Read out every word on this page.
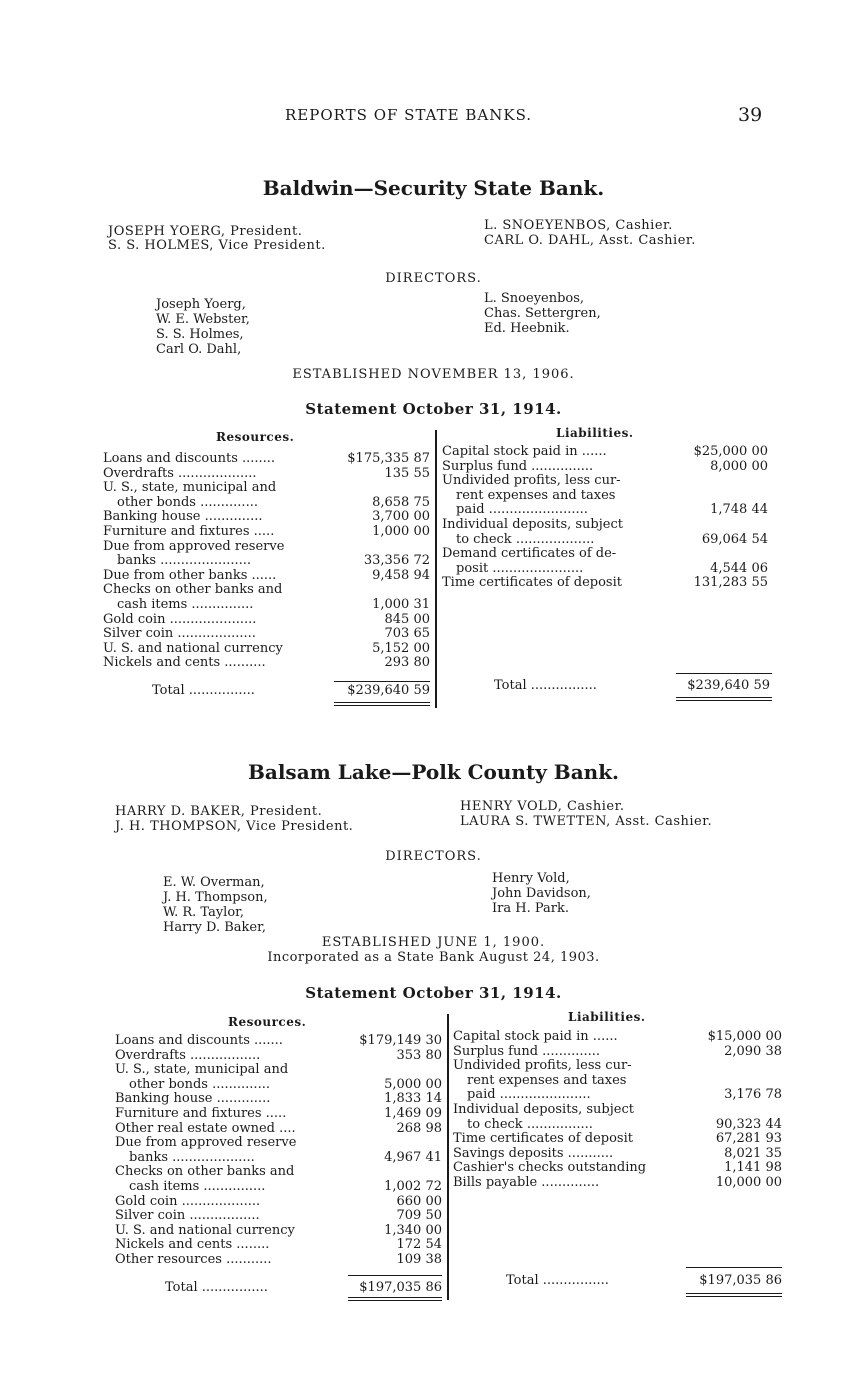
REPORTS OF STATE BANKS.	39
Baldwin—Security State Bank.
JOSEPH YOERG, President.
S. S. HOLMES, Vice President.
L. SNOEYENBOS, Cashier.
CARL O. DAHL, Asst. Cashier.
DIRECTORS.
Joseph Yoerg,
W. E. Webster,
S. S. Holmes,
Carl O. Dahl,
L. Snoeyenbos,
Chas. Settergren,
Ed. Heebnik.
ESTABLISHED NOVEMBER 13, 1906.
Statement October 31, 1914.
Resources.
Loans and discounts ........	$175,335 87
Overdrafts ...................	135 55
U. S., state, municipal and
other bonds ..............	8,658 75
Banking house ..............	3,700 00
Furniture and fixtures .....	1,000 00
Due from approved reserve
banks ......................	33,356 72
Due from other banks ......	9,458 94
Checks on other banks and
cash items ...............	1,000 31
Gold coin .....................	845 00
Silver coin ...................	703 65
U. S. and national currency	5,152 00
Nickels and cents ..........	293 80
Total ................	$239,640 59
Liabilities.
Capital stock paid in ......	$25,000 00
Surplus fund ...............	8,000 00
Undivided profits, less cur-
rent expenses and taxes
paid ........................	1,748 44
Individual deposits, subject
to check ...................	69,064 54
Demand certificates of de-
posit ......................	4,544 06
Time certificates of deposit	131,283 55
Total ................	$239,640 59
Balsam Lake—Polk County Bank.
HARRY D. BAKER, President.
J. H. THOMPSON, Vice President.
HENRY VOLD, Cashier.
LAURA S. TWETTEN, Asst. Cashier.
DIRECTORS.
E. W. Overman,
J. H. Thompson,
W. R. Taylor,
Harry D. Baker,
Henry Vold,
John Davidson,
Ira H. Park.
ESTABLISHED JUNE 1, 1900.
Incorporated as a State Bank August 24, 1903.
Statement October 31, 1914.
Resources.
Loans and discounts .......	$179,149 30
Overdrafts .................	353 80
U. S., state, municipal and
other bonds ..............	5,000 00
Banking house .............	1,833 14
Furniture and fixtures .....	1,469 09
Other real estate owned ....	268 98
Due from approved reserve
banks ....................	4,967 41
Checks on other banks and
cash items ...............	1,002 72
Gold coin ...................	660 00
Silver coin .................	709 50
U. S. and national currency	1,340 00
Nickels and cents ........	172 54
Other resources ...........	109 38
Total ................	$197,035 86
Liabilities.
Capital stock paid in ......	$15,000 00
Surplus fund ..............	2,090 38
Undivided profits, less cur-
rent expenses and taxes
paid ......................	3,176 78
Individual deposits, subject
to check ................	90,323 44
Time certificates of deposit	67,281 93
Savings deposits ...........	8,021 35
Cashier's checks outstanding	1,141 98
Bills payable ..............	10,000 00
Total ................	$197,035 86
